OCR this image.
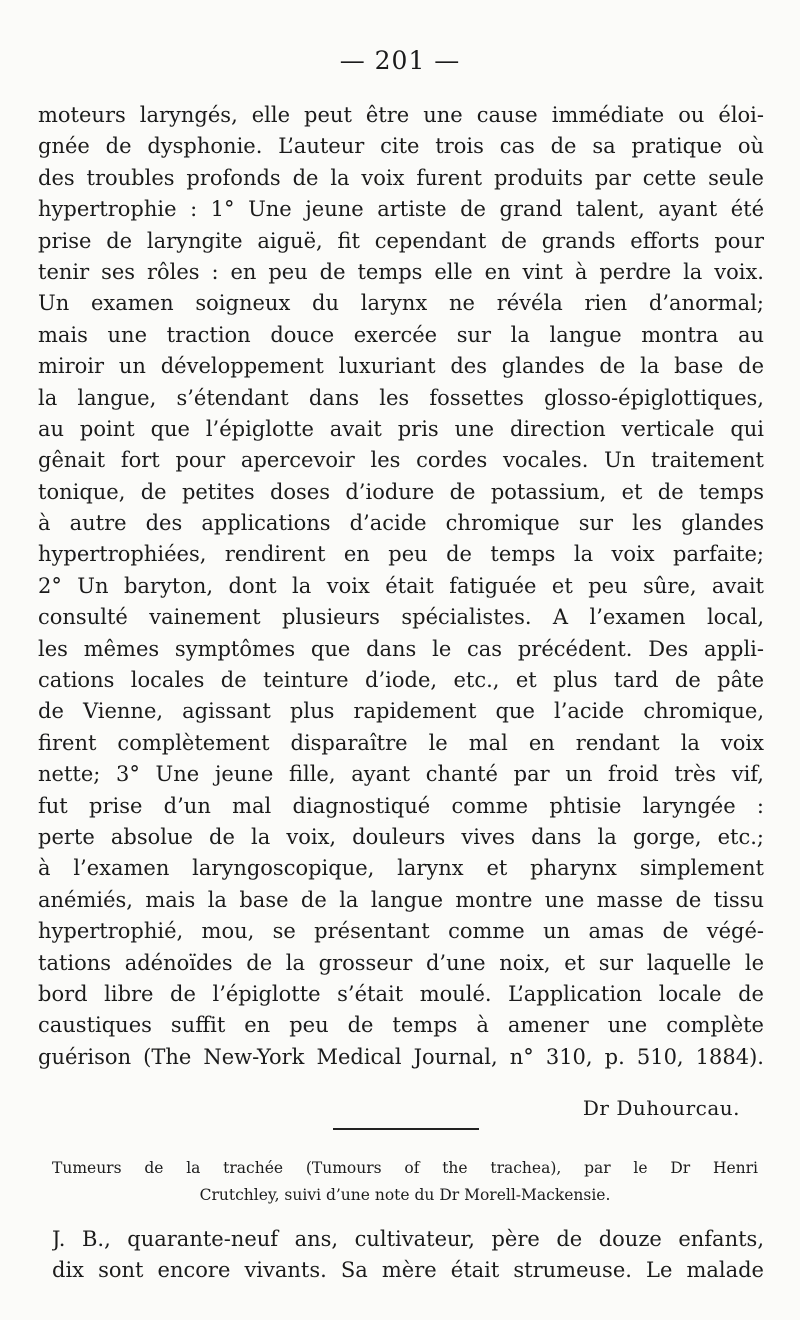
— 201 —
moteurs laryngés, elle peut être une cause immédiate ou éloi-
gnée de dysphonie. L’auteur cite trois cas de sa pratique où
des troubles profonds de la voix furent produits par cette seule
hypertrophie : 1° Une jeune artiste de grand talent, ayant été
prise de laryngite aiguë, fit cependant de grands efforts pour
tenir ses rôles : en peu de temps elle en vint à perdre la voix.
Un examen soigneux du larynx ne révéla rien d’anormal;
mais une traction douce exercée sur la langue montra au
miroir un développement luxuriant des glandes de la base de
la langue, s’étendant dans les fossettes glosso-épiglottiques,
au point que l’épiglotte avait pris une direction verticale qui
gênait fort pour apercevoir les cordes vocales. Un traitement
tonique, de petites doses d’iodure de potassium, et de temps
à autre des applications d’acide chromique sur les glandes
hypertrophiées, rendirent en peu de temps la voix parfaite;
2° Un baryton, dont la voix était fatiguée et peu sûre, avait
consulté vainement plusieurs spécialistes. A l’examen local,
les mêmes symptômes que dans le cas précédent. Des appli-
cations locales de teinture d’iode, etc., et plus tard de pâte
de Vienne, agissant plus rapidement que l’acide chromique,
firent complètement disparaître le mal en rendant la voix
nette; 3° Une jeune fille, ayant chanté par un froid très vif,
fut prise d’un mal diagnostiqué comme phtisie laryngée :
perte absolue de la voix, douleurs vives dans la gorge, etc.;
à l’examen laryngoscopique, larynx et pharynx simplement
anémiés, mais la base de la langue montre une masse de tissu
hypertrophié, mou, se présentant comme un amas de végé-
tations adénoïdes de la grosseur d’une noix, et sur laquelle le
bord libre de l’épiglotte s’était moulé. L’application locale de
caustiques suffit en peu de temps à amener une complète
guérison (The New-York Medical Journal, n° 310, p. 510, 1884).
Dr Duhourcau.
Tumeurs de la trachée (Tumours of the trachea), par le Dr Henri
Crutchley, suivi d’une note du Dr Morell-Mackensie.
J. B., quarante-neuf ans, cultivateur, père de douze enfants,
dix sont encore vivants. Sa mère était strumeuse. Le malade
